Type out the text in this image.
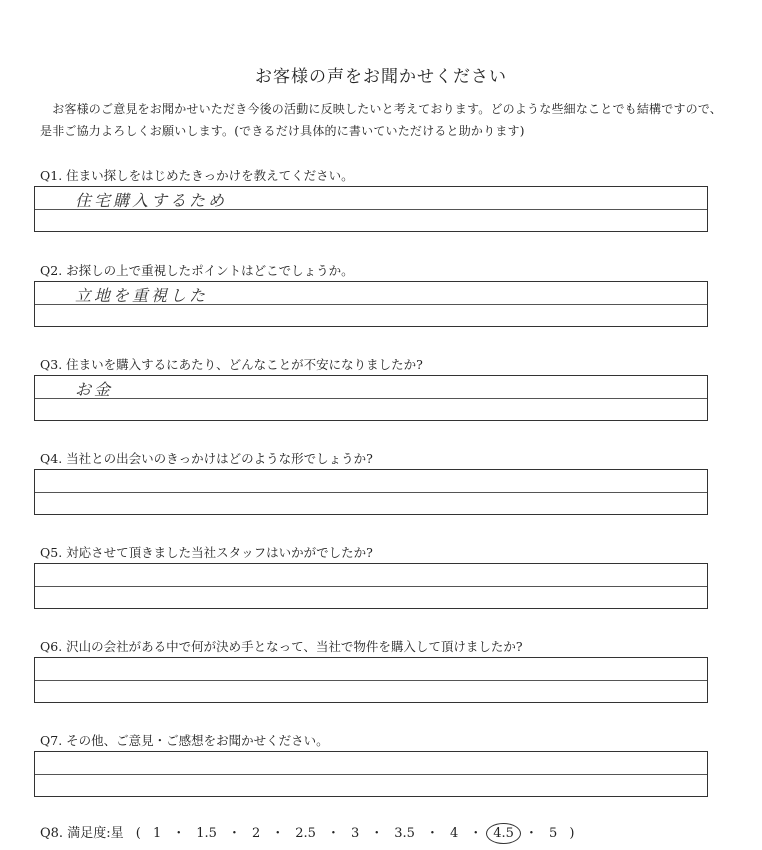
お客様の声をお聞かせください
　お客様のご意見をお聞かせいただき今後の活動に反映したいと考えております。どのような些細なことでも結構ですので、是非ご協力よろしくお願いします。(できるだけ具体的に書いていただけると助かります)
Q1. 住まい探しをはじめたきっかけを教えてください。
住宅購入するため
Q2. お探しの上で重視したポイントはどこでしょうか。
立地を重視した
Q3. 住まいを購入するにあたり、どんなことが不安になりましたか?
お金
Q4. 当社との出会いのきっかけはどのような形でしょうか?
Q5. 対応させて頂きました当社スタッフはいかがでしたか?
Q6. 沢山の会社がある中で何が決め手となって、当社で物件を購入して頂けましたか?
Q7. その他、ご意見・ご感想をお聞かせください。
Q8. 満足度:星 ( 1 ・ 1.5 ・ 2 ・ 2.5 ・ 3 ・ 3.5 ・ 4 ・ 4.5 ・ 5 )
